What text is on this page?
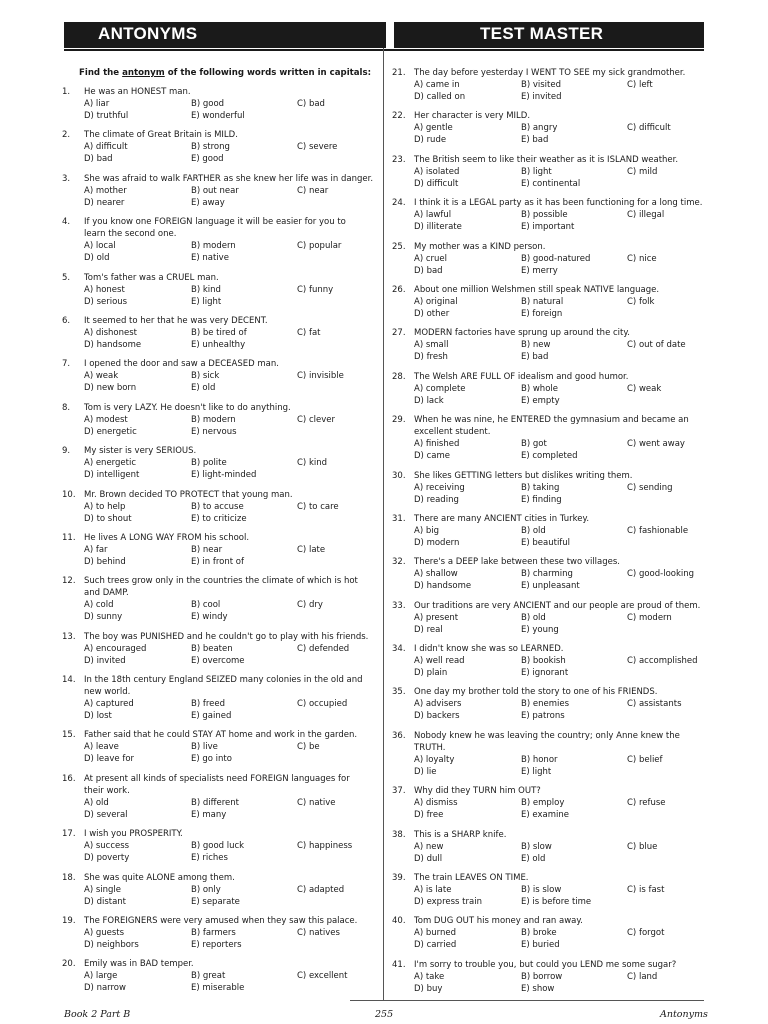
ANTONYMS	TEST MASTER
Find the antonym of the following words written in capitals:
1. He was an HONEST man.
A) liar	B) good	C) bad
D) truthful	E) wonderful
2. The climate of Great Britain is MILD.
A) difficult	B) strong	C) severe
D) bad	E) good
3. She was afraid to walk FARTHER as she knew her life was in danger.
A) mother	B) out near	C) near
D) nearer	E) away
4. If you know one FOREIGN language it will be easier for you to
learn the second one.
A) local	B) modern	C) popular
D) old	E) native
5. Tom's father was a CRUEL man.
A) honest	B) kind	C) funny
D) serious	E) light
6. It seemed to her that he was very DECENT.
A) dishonest	B) be tired of	C) fat
D) handsome	E) unhealthy
7. I opened the door and saw a DECEASED man.
A) weak	B) sick	C) invisible
D) new born	E) old
8. Tom is very LAZY. He doesn't like to do anything.
A) modest	B) modern	C) clever
D) energetic	E) nervous
9. My sister is very SERIOUS.
A) energetic	B) polite	C) kind
D) intelligent	E) light-minded
10. Mr. Brown decided TO PROTECT that young man.
A) to help	B) to accuse	C) to care
D) to shout	E) to criticize
11. He lives A LONG WAY FROM his school.
A) far	B) near	C) late
D) behind	E) in front of
12. Such trees grow only in the countries the climate of which is hot
and DAMP.
A) cold	B) cool	C) dry
D) sunny	E) windy
13. The boy was PUNISHED and he couldn't go to play with his friends.
A) encouraged	B) beaten	C) defended
D) invited	E) overcome
14. In the 18th century England SEIZED many colonies in the old and
new world.
A) captured	B) freed	C) occupied
D) lost	E) gained
15. Father said that he could STAY AT home and work in the garden.
A) leave	B) live	C) be
D) leave for	E) go into
16. At present all kinds of specialists need FOREIGN languages for
their work.
A) old	B) different	C) native
D) several	E) many
17. I wish you PROSPERITY.
A) success	B) good luck	C) happiness
D) poverty	E) riches
18. She was quite ALONE among them.
A) single	B) only	C) adapted
D) distant	E) separate
19. The FOREIGNERS were very amused when they saw this palace.
A) guests	B) farmers	C) natives
D) neighbors	E) reporters
20. Emily was in BAD temper.
A) large	B) great	C) excellent
D) narrow	E) miserable
21. The day before yesterday I WENT TO SEE my sick grandmother.
A) came in	B) visited	C) left
D) called on	E) invited
22. Her character is very MILD.
A) gentle	B) angry	C) difficult
D) rude	E) bad
23. The British seem to like their weather as it is ISLAND weather.
A) isolated	B) light	C) mild
D) difficult	E) continental
24. I think it is a LEGAL party as it has been functioning for a long time.
A) lawful	B) possible	C) illegal
D) illiterate	E) important
25. My mother was a KIND person.
A) cruel	B) good-natured	C) nice
D) bad	E) merry
26. About one million Welshmen still speak NATIVE language.
A) original	B) natural	C) folk
D) other	E) foreign
27. MODERN factories have sprung up around the city.
A) small	B) new	C) out of date
D) fresh	E) bad
28. The Welsh ARE FULL OF idealism and good humor.
A) complete	B) whole	C) weak
D) lack	E) empty
29. When he was nine, he ENTERED the gymnasium and became an
excellent student.
A) finished	B) got	C) went away
D) came	E) completed
30. She likes GETTING letters but dislikes writing them.
A) receiving	B) taking	C) sending
D) reading	E) finding
31. There are many ANCIENT cities in Turkey.
A) big	B) old	C) fashionable
D) modern	E) beautiful
32. There's a DEEP lake between these two villages.
A) shallow	B) charming	C) good-looking
D) handsome	E) unpleasant
33. Our traditions are very ANCIENT and our people are proud of them.
A) present	B) old	C) modern
D) real	E) young
34. I didn't know she was so LEARNED.
A) well read	B) bookish	C) accomplished
D) plain	E) ignorant
35. One day my brother told the story to one of his FRIENDS.
A) advisers	B) enemies	C) assistants
D) backers	E) patrons
36. Nobody knew he was leaving the country; only Anne knew the
TRUTH.
A) loyalty	B) honor	C) belief
D) lie	E) light
37. Why did they TURN him OUT?
A) dismiss	B) employ	C) refuse
D) free	E) examine
38. This is a SHARP knife.
A) new	B) slow	C) blue
D) dull	E) old
39. The train LEAVES ON TIME.
A) is late	B) is slow	C) is fast
D) express train	E) is before time
40. Tom DUG OUT his money and ran away.
A) burned	B) broke	C) forgot
D) carried	E) buried
41. I'm sorry to trouble you, but could you LEND me some sugar?
A) take	B) borrow	C) land
D) buy	E) show
Book 2 Part B	255	Antonyms
